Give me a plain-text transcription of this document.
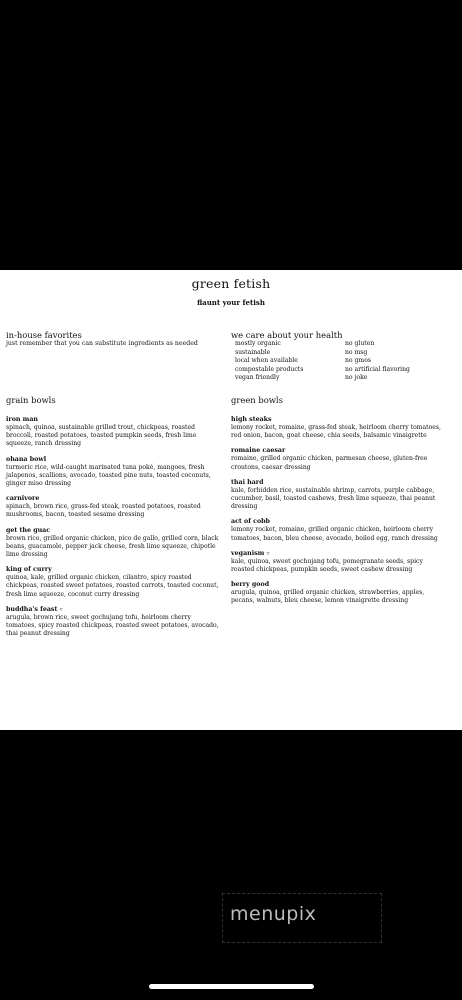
green fetish
flaunt your fetish
in-house favorites
just remember that you can substitute ingredients as needed
we care about your health
mostly organic	no gluten
sustainable	no msg
local when available	no gmos
compostable products	no artificial flavoring
vegan friendly	no joke
grain bowls
iron man
spinach, quinoa, sustainable grilled trout, chickpeas, roasted broccoli, roasted potatoes, toasted pumpkin seeds, fresh lime squeeze, ranch dressing
ohana bowl
turmeric rice, wild-caught marinated tuna poké, mangoes, fresh jalapenos, scallions, avocado, toasted pine nuts, toasted coconuts, ginger miso dressing
carnivore
spinach, brown rice, grass-fed steak, roasted potatoes, roasted mushrooms, bacon, toasted sesame dressing
get the guac
brown rice, grilled organic chicken, pico de gallo, grilled corn, black beans, guacamole, pepper jack cheese, fresh lime squeeze, chipotle lime dressing
king of curry
quinoa, kale, grilled organic chicken, cilantro, spicy roasted chickpeas, roasted sweet potatoes, roasted carrots, toasted coconut, fresh lime squeeze, coconut curry dressing
buddha's feast ▿
arugula, brown rice, sweet gochujang tofu, heirloom cherry tomatoes, spicy roasted chickpeas, roasted sweet potatoes, avocado, thai peanut dressing
green bowls
high steaks
lemony rocket, romaine, grass-fed steak, heirloom cherry tomatoes, red onion, bacon, goat cheese, chia seeds, balsamic vinaigrette
romaine caesar
romaine, grilled organic chicken, parmesan cheese, gluten-free croutons, caesar dressing
thai hard
kale, forbidden rice, sustainable shrimp, carrots, purple cabbage, cucumber, basil, toasted cashews, fresh lime squeeze, thai peanut dressing
act of cobb
lemony rocket, romaine, grilled organic chicken, heirloom cherry tomatoes, bacon, bleu cheese, avocado, boiled egg, ranch dressing
veganism ▿
kale, quinoa, sweet gochujang tofu, pomegranate seeds, spicy roasted chickpeas, pumpkin seeds, sweet cashew dressing
berry good
arugula, quinoa, grilled organic chicken, strawberries, apples, pecans, walnuts, bleu cheese, lemon vinaigrette dressing
menupix
